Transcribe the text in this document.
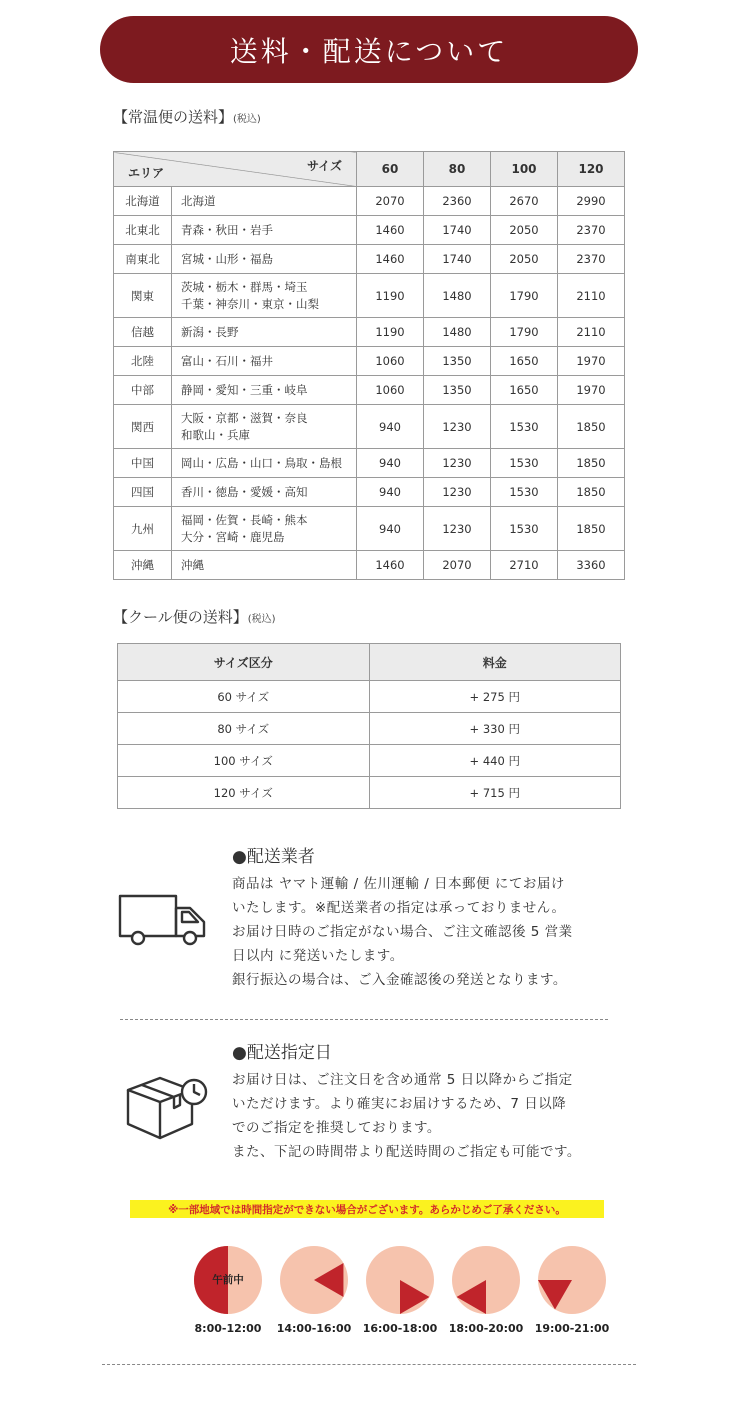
送料・配送について
【常温便の送料】(税込)
エリア サイズ		60	80	100	120
北海道	北海道	2070	2360	2670	2990
北東北	青森・秋田・岩手	1460	1740	2050	2370
南東北	宮城・山形・福島	1460	1740	2050	2370
関東	茨城・栃木・群馬・埼玉
千葉・神奈川・東京・山梨	1190	1480	1790	2110
信越	新潟・長野	1190	1480	1790	2110
北陸	富山・石川・福井	1060	1350	1650	1970
中部	静岡・愛知・三重・岐阜	1060	1350	1650	1970
関西	大阪・京都・滋賀・奈良
和歌山・兵庫	940	1230	1530	1850
中国	岡山・広島・山口・鳥取・島根	940	1230	1530	1850
四国	香川・徳島・愛媛・高知	940	1230	1530	1850
九州	福岡・佐賀・長崎・熊本
大分・宮崎・鹿児島	940	1230	1530	1850
沖縄	沖縄	1460	2070	2710	3360
【クール便の送料】(税込)
サイズ区分	料金
60 サイズ	+ 275 円
80 サイズ	+ 330 円
100 サイズ	+ 440 円
120 サイズ	+ 715 円
●配送業者
商品は ヤマト運輸 / 佐川運輸 / 日本郵便 にてお届け
いたします。※配送業者の指定は承っておりません。
お届け日時のご指定がない場合、ご注文確認後 5 営業
日以内 に発送いたします。
銀行振込の場合は、ご入金確認後の発送となります。
●配送指定日
お届け日は、ご注文日を含め通常 5 日以降からご指定
いただけます。より確実にお届けするため、7 日以降
でのご指定を推奨しております。
また、下記の時間帯より配送時間のご指定も可能です。
※一部地域では時間指定ができない場合がございます。あらかじめご了承ください。
午前中
8:00-12:00	14:00-16:00	16:00-18:00	18:00-20:00	19:00-21:00
